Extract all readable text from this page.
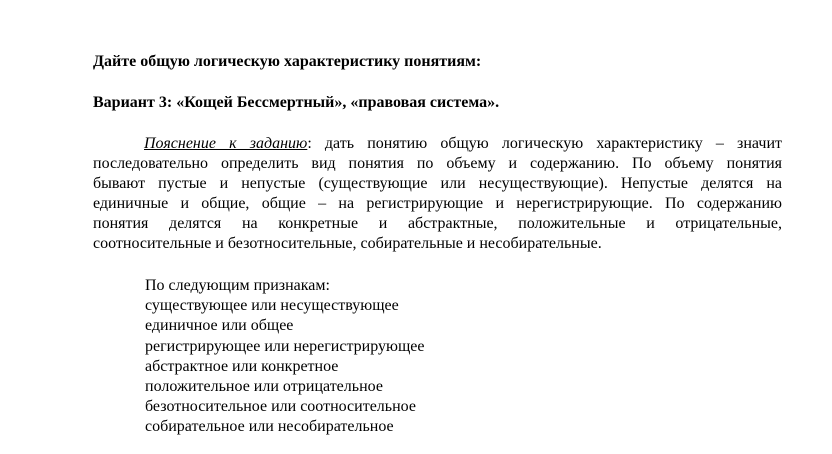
Дайте общую логическую характеристику понятиям:
Вариант 3: «Кощей Бессмертный», «правовая система».
Пояснение к заданию: дать понятию общую логическую характеристику – значит
последовательно определить вид понятия по объему и содержанию. По объему понятия
бывают пустые и непустые (существующие или несуществующие). Непустые делятся на
единичные и общие, общие – на регистрирующие и нерегистрирующие. По содержанию
понятия делятся на конкретные и абстрактные, положительные и отрицательные,
соотносительные и безотносительные, собирательные и несобирательные.
По следующим признакам:
существующее или несуществующее
единичное или общее
регистрирующее или нерегистрирующее
абстрактное или конкретное
положительное или отрицательное
безотносительное или соотносительное
собирательное или несобирательное
